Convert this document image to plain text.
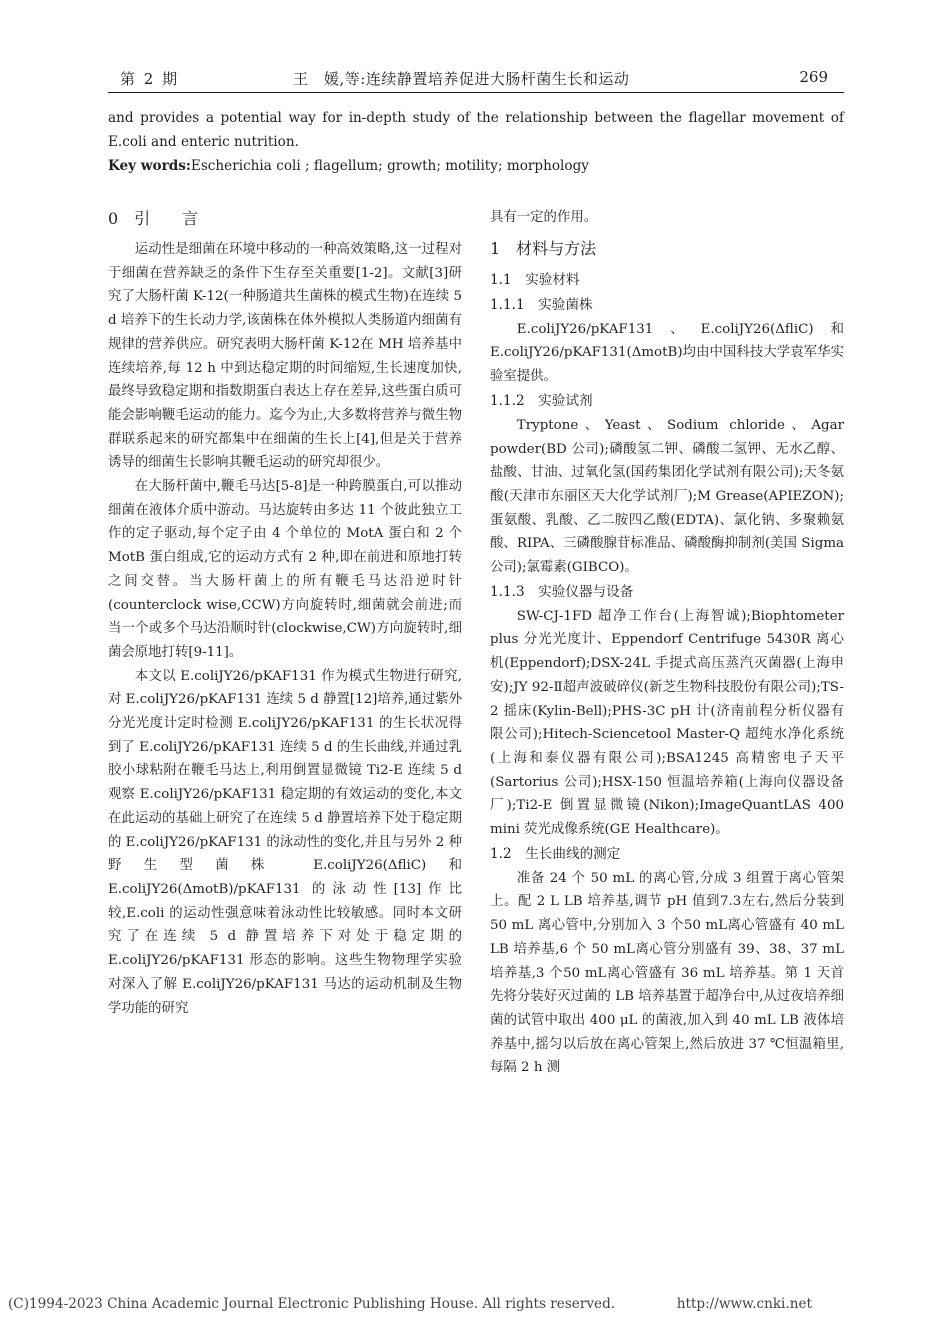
第 2 期	王　媛,等:连续静置培养促进大肠杆菌生长和运动	269

and provides a potential way for in-depth study of the relationship between the flagellar movement of E.coli and enteric nutrition.

Key words:Escherichia coli ; flagellum; growth; motility; morphology

0　引　　言

运动性是细菌在环境中移动的一种高效策略,这一过程对于细菌在营养缺乏的条件下生存至关重要[1-2]。文献[3]研究了大肠杆菌 K-12(一种肠道共生菌株的模式生物)在连续 5 d 培养下的生长动力学,该菌株在体外模拟人类肠道内细菌有规律的营养供应。研究表明大肠杆菌 K-12在 MH 培养基中连续培养,每 12 h 中到达稳定期的时间缩短,生长速度加快,最终导致稳定期和指数期蛋白表达上存在差异,这些蛋白质可能会影响鞭毛运动的能力。迄今为止,大多数将营养与微生物群联系起来的研究都集中在细菌的生长上[4],但是关于营养诱导的细菌生长影响其鞭毛运动的研究却很少。

在大肠杆菌中,鞭毛马达[5-8]是一种跨膜蛋白,可以推动细菌在液体介质中游动。马达旋转由多达 11 个彼此独立工作的定子驱动,每个定子由 4 个单位的 MotA 蛋白和 2 个 MotB 蛋白组成,它的运动方式有 2 种,即在前进和原地打转之间交替。当大肠杆菌上的所有鞭毛马达沿逆时针(counterclock wise,CCW)方向旋转时,细菌就会前进;而当一个或多个马达沿顺时针(clockwise,CW)方向旋转时,细菌会原地打转[9-11]。

本文以 E.coliJY26/pKAF131 作为模式生物进行研究,对 E.coliJY26/pKAF131 连续 5 d 静置[12]培养,通过紫外分光光度计定时检测 E.coliJY26/pKAF131 的生长状况得到了 E.coliJY26/pKAF131 连续 5 d 的生长曲线,并通过乳胶小球粘附在鞭毛马达上,利用倒置显微镜 Ti2-E 连续 5 d 观察 E.coliJY26/pKAF131 稳定期的有效运动的变化,本文在此运动的基础上研究了在连续 5 d 静置培养下处于稳定期的 E.coliJY26/pKAF131 的泳动性的变化,并且与另外 2 种野生型菌株 E.coliJY26(ΔfliC)和 E.coliJY26(ΔmotB)/pKAF131 的泳动性[13]作比较,E.coli 的运动性强意味着泳动性比较敏感。同时本文研究了在连续 5 d 静置培养下对处于稳定期的 E.coliJY26/pKAF131 形态的影响。这些生物物理学实验对深入了解 E.coliJY26/pKAF131 马达的运动机制及生物学功能的研究

具有一定的作用。

1　材料与方法
1.1　实验材料
1.1.1　实验菌株

E.coliJY26/pKAF131、E.coliJY26(ΔfliC)和 E.coliJY26/pKAF131(ΔmotB)均由中国科技大学袁军华实验室提供。

1.1.2　实验试剂

Tryptone、Yeast、Sodium chloride、Agar powder(BD 公司);磷酸氢二钾、磷酸二氢钾、无水乙醇、盐酸、甘油、过氧化氢(国药集团化学试剂有限公司);天冬氨酸(天津市东丽区天大化学试剂厂);M Grease(APIEZON);蛋氨酸、乳酸、乙二胺四乙酸(EDTA)、氯化钠、多聚赖氨酸、RIPA、三磷酸腺苷标准品、磷酸酶抑制剂(美国 Sigma 公司);氯霉素(GIBCO)。

1.1.3　实验仪器与设备

SW-CJ-1FD 超净工作台(上海智诚);Biophtometer plus 分光光度计、Eppendorf Centrifuge 5430R 离心机(Eppendorf);DSX-24L 手提式高压蒸汽灭菌器(上海申安);JY 92-Ⅱ超声波破碎仪(新芝生物科技股份有限公司);TS-2 摇床(Kylin-Bell);PHS-3C pH 计(济南前程分析仪器有限公司);Hitech-Sciencetool Master-Q 超纯水净化系统(上海和泰仪器有限公司);BSA1245 高精密电子天平(Sartorius 公司);HSX-150 恒温培养箱(上海向仪器设备厂);Ti2-E 倒置显微镜(Nikon);ImageQuantLAS 400 mini 荧光成像系统(GE Healthcare)。

1.2　生长曲线的测定

准备 24 个 50 mL 的离心管,分成 3 组置于离心管架上。配 2 L LB 培养基,调节 pH 值到7.3左右,然后分装到 50 mL 离心管中,分别加入 3 个50 mL离心管盛有 40 mL LB 培养基,6 个 50 mL离心管分别盛有 39、38、37 mL 培养基,3 个50 mL离心管盛有 36 mL 培养基。第 1 天首先将分装好灭过菌的 LB 培养基置于超净台中,从过夜培养细菌的试管中取出 400 μL 的菌液,加入到 40 mL LB 液体培养基中,摇匀以后放在离心管架上,然后放进 37 ℃恒温箱里,每隔 2 h 测

(C)1994-2023 China Academic Journal Electronic Publishing House. All rights reserved.	http://www.cnki.net
